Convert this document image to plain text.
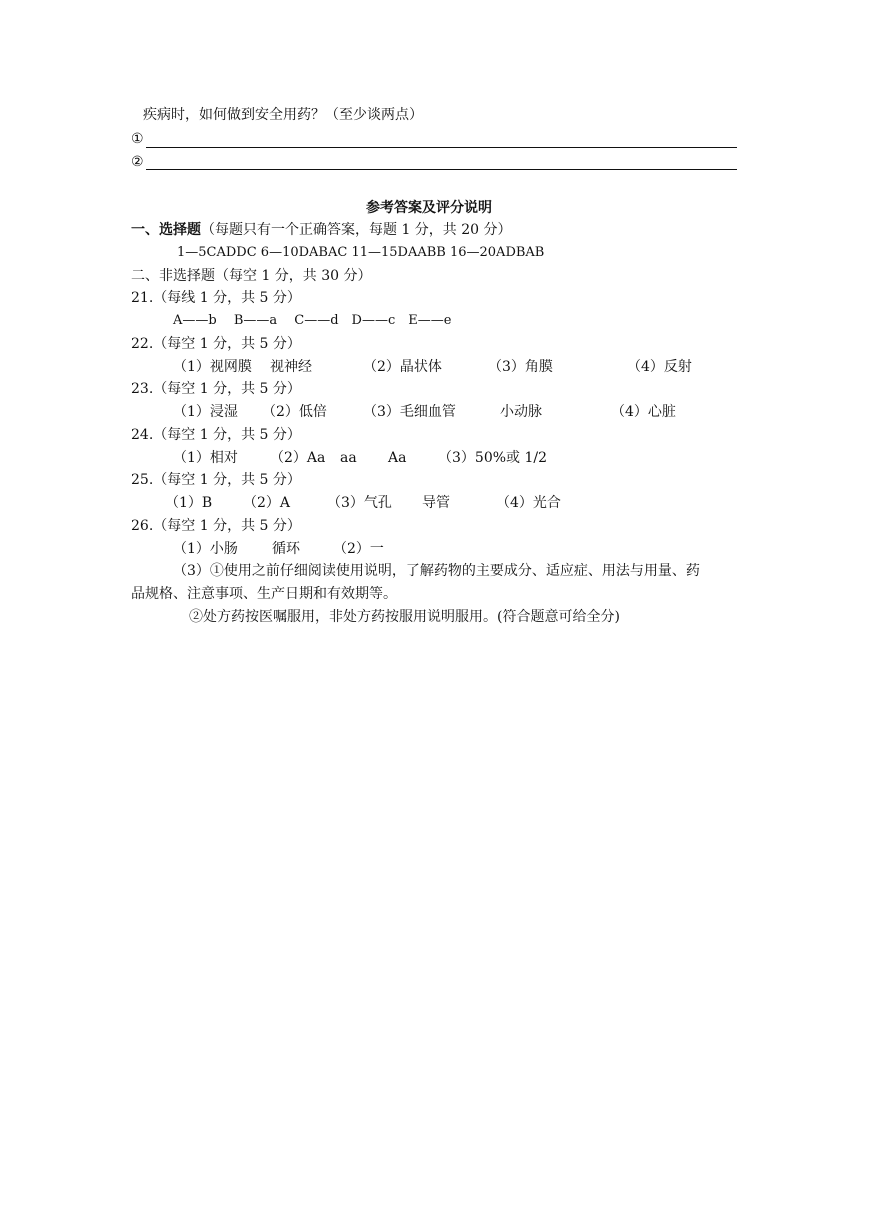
疾病时，如何做到安全用药？（至少谈两点）
①
②
参考答案及评分说明
一、选择题（每题只有一个正确答案，每题 1 分，共 20 分）
1—5CADDC 6—10DABAC 11—15DAABB 16—20ADBAB
二、非选择题（每空 1 分，共 30 分）
21.（每线 1 分，共 5 分）
A——b　 B——a　 C——d　D——c　E——e
22.（每空 1 分，共 5 分）
（1）视网膜 视神经	（2）晶状体	（3）角膜	（4）反射
23.（每空 1 分，共 5 分）
（1）浸湿 （2）低倍	（3）毛细血管	小动脉	（4）心脏
24.（每空 1 分，共 5 分）
（1）相对 （2）Aa aa Aa （3）50%或 1/2
25.（每空 1 分，共 5 分）
（1）B （2）A	（3）气孔 导管	（4）光合
26.（每空 1 分，共 5 分）
（1）小肠 循环 （2）一
（3）①使用之前仔细阅读使用说明，了解药物的主要成分、适应症、用法与用量、药
品规格、注意事项、生产日期和有效期等。
②处方药按医嘱服用，非处方药按服用说明服用。(符合题意可给全分)
